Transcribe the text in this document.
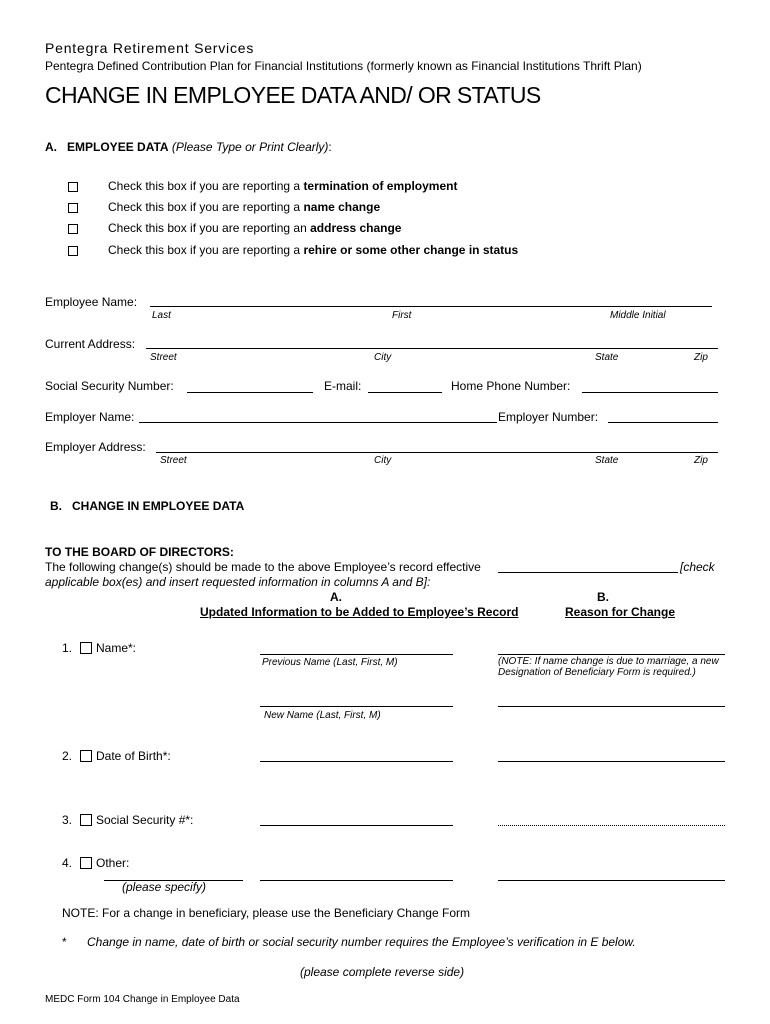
Pentegra Retirement Services
Pentegra Defined Contribution Plan for Financial Institutions (formerly known as Financial Institutions Thrift Plan)
CHANGE IN EMPLOYEE DATA AND/ OR STATUS
A. EMPLOYEE DATA (Please Type or Print Clearly):
Check this box if you are reporting a termination of employment
Check this box if you are reporting a name change
Check this box if you are reporting an address change
Check this box if you are reporting a rehire or some other change in status
Employee Name:
Last	First	Middle Initial
Current Address:
Street	City	State	Zip
Social Security Number:	E-mail:	Home Phone Number:
Employer Name:	Employer Number:
Employer Address:
Street	City	State	Zip
B. CHANGE IN EMPLOYEE DATA
TO THE BOARD OF DIRECTORS:
The following change(s) should be made to the above Employee’s record effective	[check
applicable box(es) and insert requested information in columns A and B]:
A.
Updated Information to be Added to Employee’s Record
B.
Reason for Change
1. Name*:
Previous Name (Last, First, M)	(NOTE: If name change is due to marriage, a new
Designation of Beneficiary Form is required.)
New Name (Last, First, M)
2. Date of Birth*:
3. Social Security #*:
4. Other:
(please specify)
NOTE: For a change in beneficiary, please use the Beneficiary Change Form
* Change in name, date of birth or social security number requires the Employee’s verification in E below.
(please complete reverse side)
MEDC Form 104 Change in Employee Data
